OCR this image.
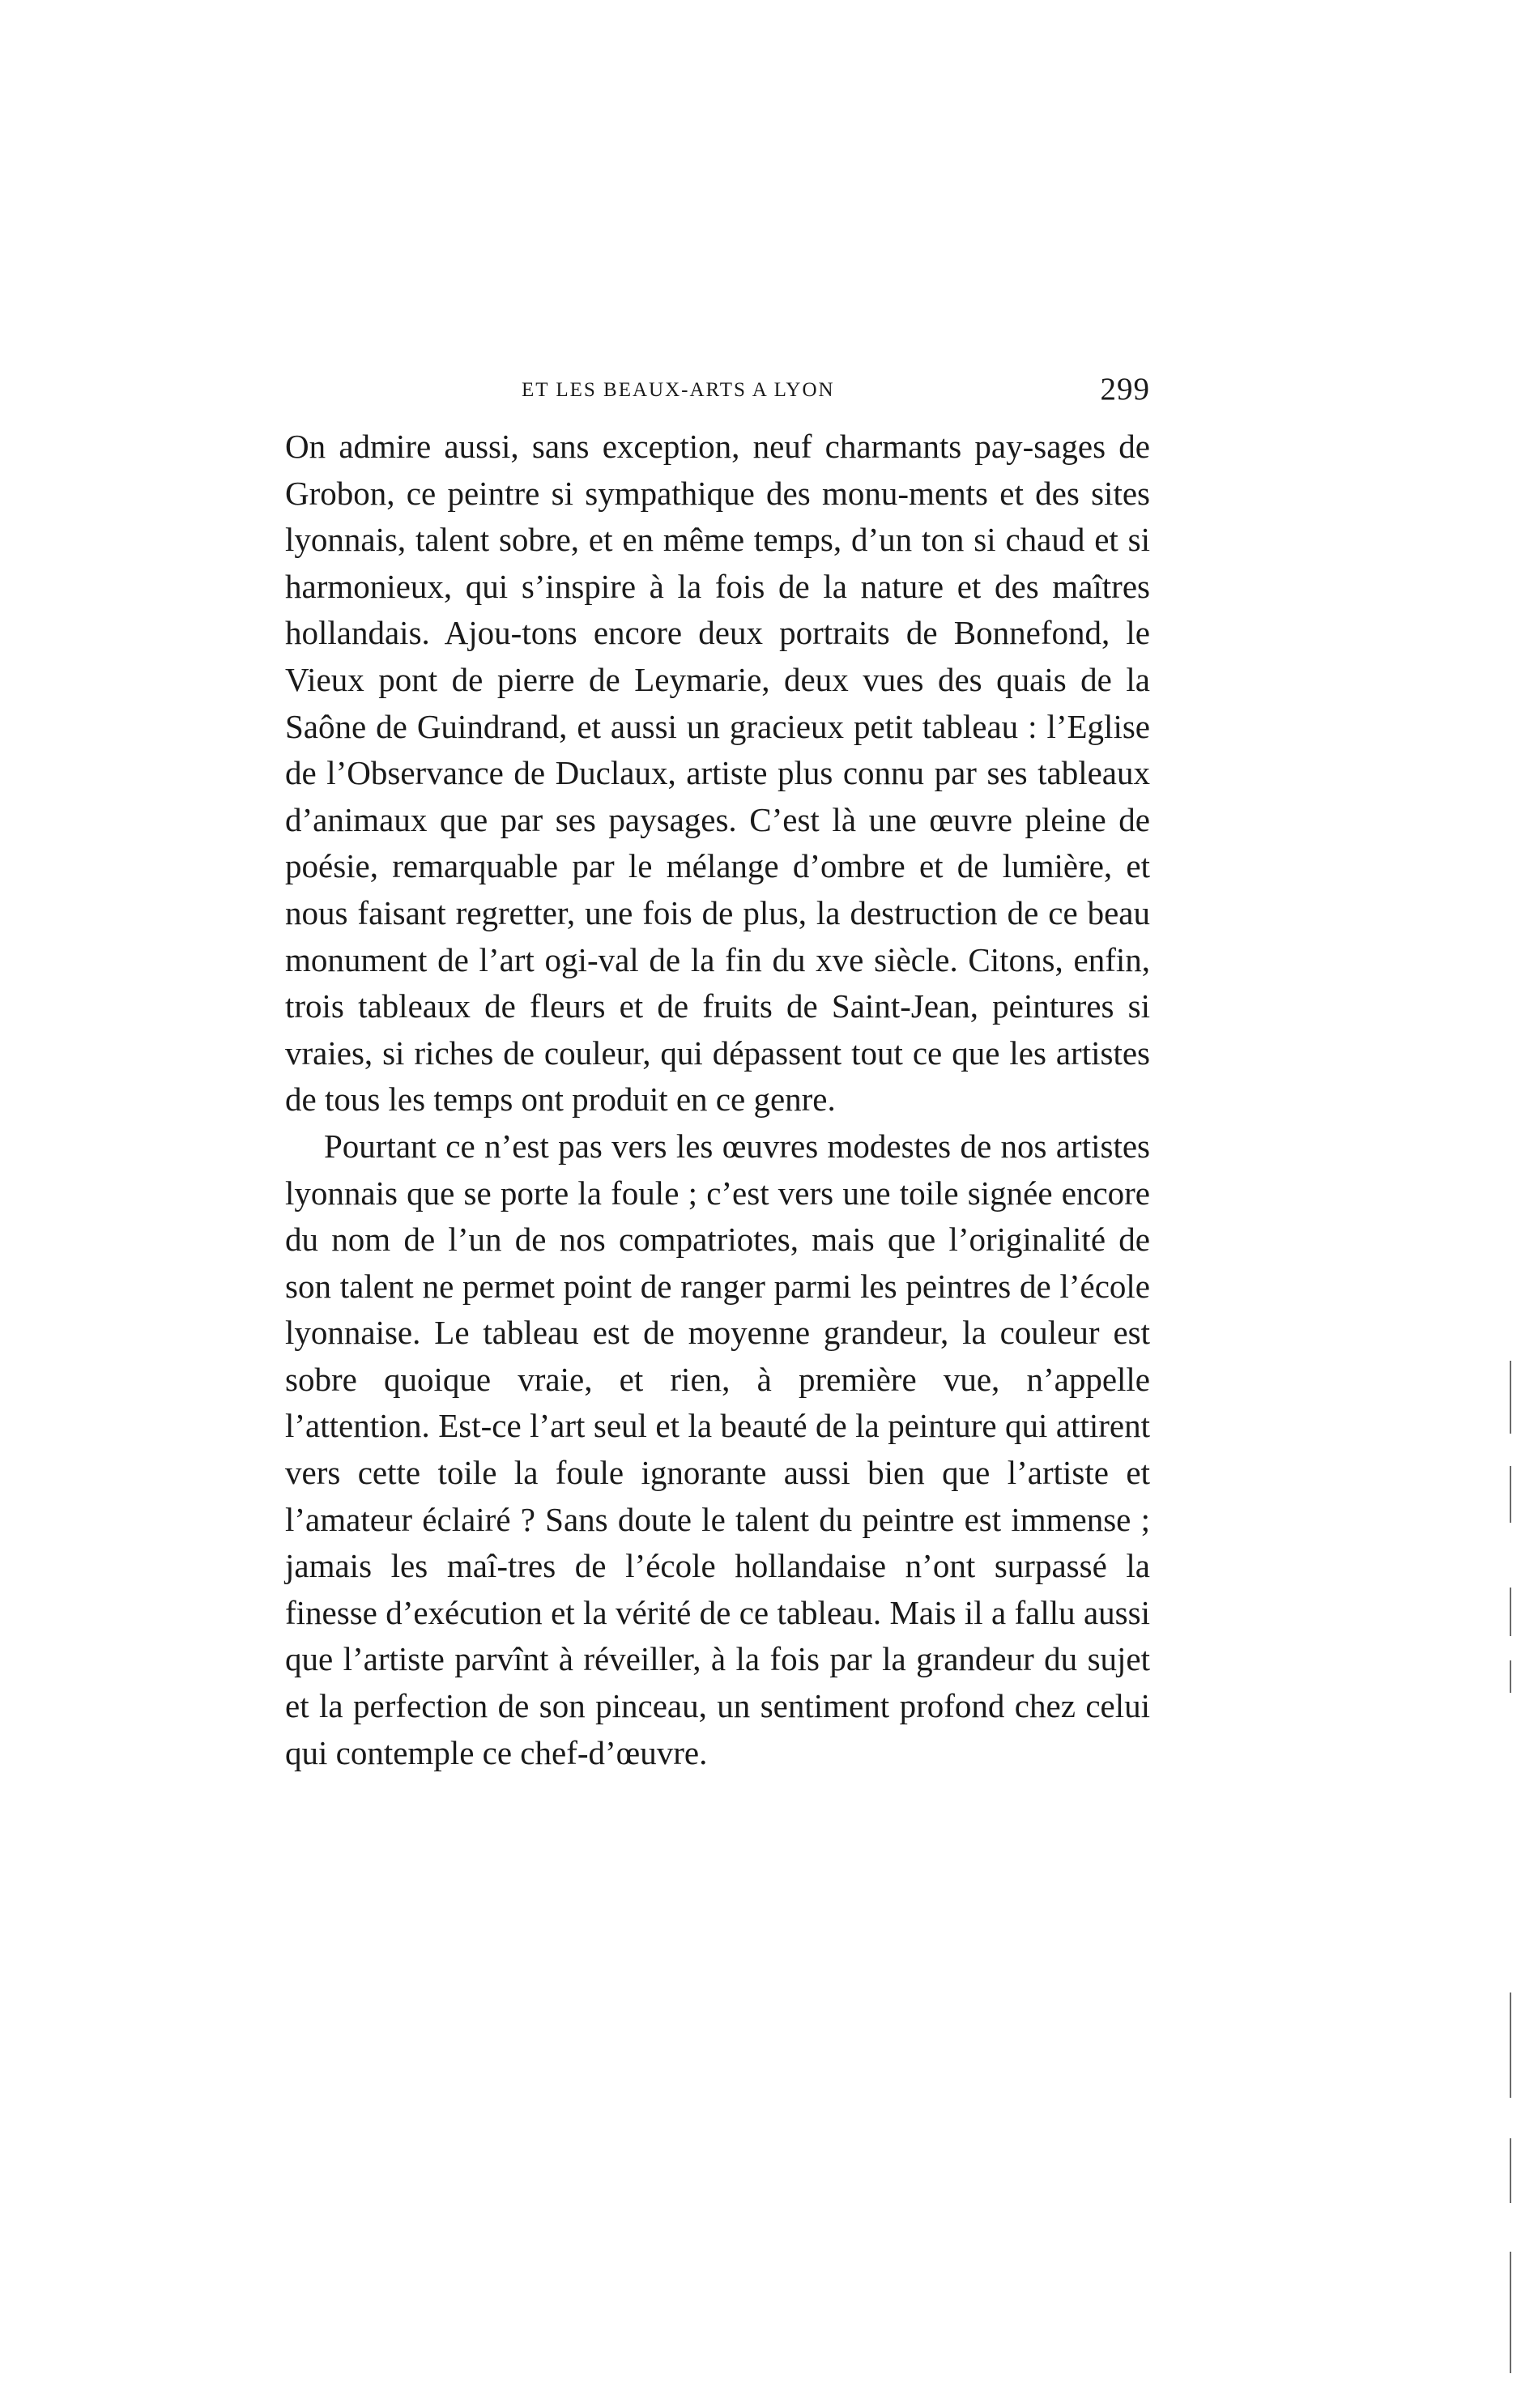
ET LES BEAUX-ARTS A LYON	299

On admire aussi, sans exception, neuf charmants pay-sages de Grobon, ce peintre si sympathique des monu-ments et des sites lyonnais, talent sobre, et en même temps, d’un ton si chaud et si harmonieux, qui s’inspire à la fois de la nature et des maîtres hollandais. Ajou-tons encore deux portraits de Bonnefond, le Vieux pont de pierre de Leymarie, deux vues des quais de la Saône de Guindrand, et aussi un gracieux petit tableau : l’Eglise de l’Observance de Duclaux, artiste plus connu par ses tableaux d’animaux que par ses paysages. C’est là une œuvre pleine de poésie, remarquable par le mélange d’ombre et de lumière, et nous faisant regretter, une fois de plus, la destruction de ce beau monument de l’art ogi-val de la fin du xve siècle. Citons, enfin, trois tableaux de fleurs et de fruits de Saint-Jean, peintures si vraies, si riches de couleur, qui dépassent tout ce que les artistes de tous les temps ont produit en ce genre.

Pourtant ce n’est pas vers les œuvres modestes de nos artistes lyonnais que se porte la foule ; c’est vers une toile signée encore du nom de l’un de nos compatriotes, mais que l’originalité de son talent ne permet point de ranger parmi les peintres de l’école lyonnaise. Le tableau est de moyenne grandeur, la couleur est sobre quoique vraie, et rien, à première vue, n’appelle l’attention. Est-ce l’art seul et la beauté de la peinture qui attirent vers cette toile la foule ignorante aussi bien que l’artiste et l’amateur éclairé ? Sans doute le talent du peintre est immense ; jamais les maî-tres de l’école hollandaise n’ont surpassé la finesse d’exécution et la vérité de ce tableau. Mais il a fallu aussi que l’artiste parvînt à réveiller, à la fois par la grandeur du sujet et la perfection de son pinceau, un sentiment profond chez celui qui contemple ce chef-d’œuvre.
